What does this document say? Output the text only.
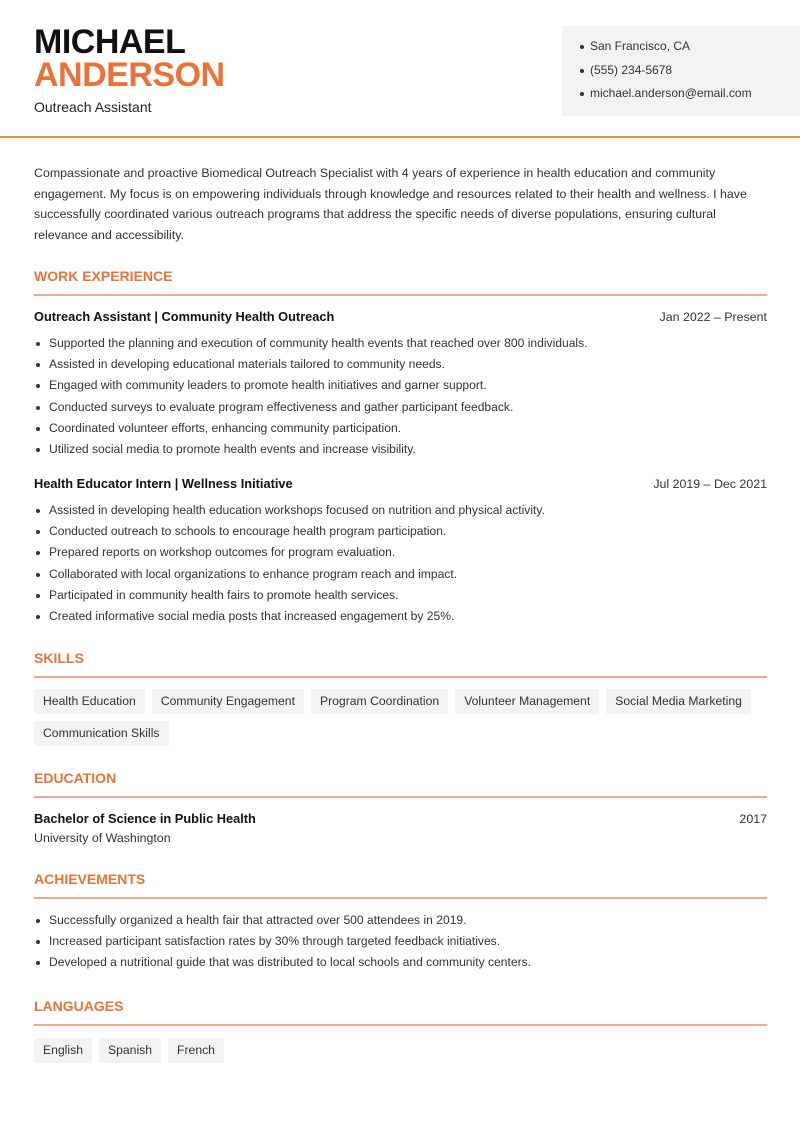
MICHAEL
ANDERSON
Outreach Assistant
San Francisco, CA
(555) 234-5678
michael.anderson@email.com

Compassionate and proactive Biomedical Outreach Specialist with 4 years of experience in health education and community engagement. My focus is on empowering individuals through knowledge and resources related to their health and wellness. I have successfully coordinated various outreach programs that address the specific needs of diverse populations, ensuring cultural relevance and accessibility.

WORK EXPERIENCE
Outreach Assistant | Community Health Outreach	Jan 2022 – Present
Supported the planning and execution of community health events that reached over 800 individuals.
Assisted in developing educational materials tailored to community needs.
Engaged with community leaders to promote health initiatives and garner support.
Conducted surveys to evaluate program effectiveness and gather participant feedback.
Coordinated volunteer efforts, enhancing community participation.
Utilized social media to promote health events and increase visibility.
Health Educator Intern | Wellness Initiative	Jul 2019 – Dec 2021
Assisted in developing health education workshops focused on nutrition and physical activity.
Conducted outreach to schools to encourage health program participation.
Prepared reports on workshop outcomes for program evaluation.
Collaborated with local organizations to enhance program reach and impact.
Participated in community health fairs to promote health services.
Created informative social media posts that increased engagement by 25%.
SKILLS
Health Education	Community Engagement	Program Coordination	Volunteer Management	Social Media Marketing
Communication Skills
EDUCATION
Bachelor of Science in Public Health	2017
University of Washington
ACHIEVEMENTS
Successfully organized a health fair that attracted over 500 attendees in 2019.
Increased participant satisfaction rates by 30% through targeted feedback initiatives.
Developed a nutritional guide that was distributed to local schools and community centers.
LANGUAGES
English	Spanish	French
